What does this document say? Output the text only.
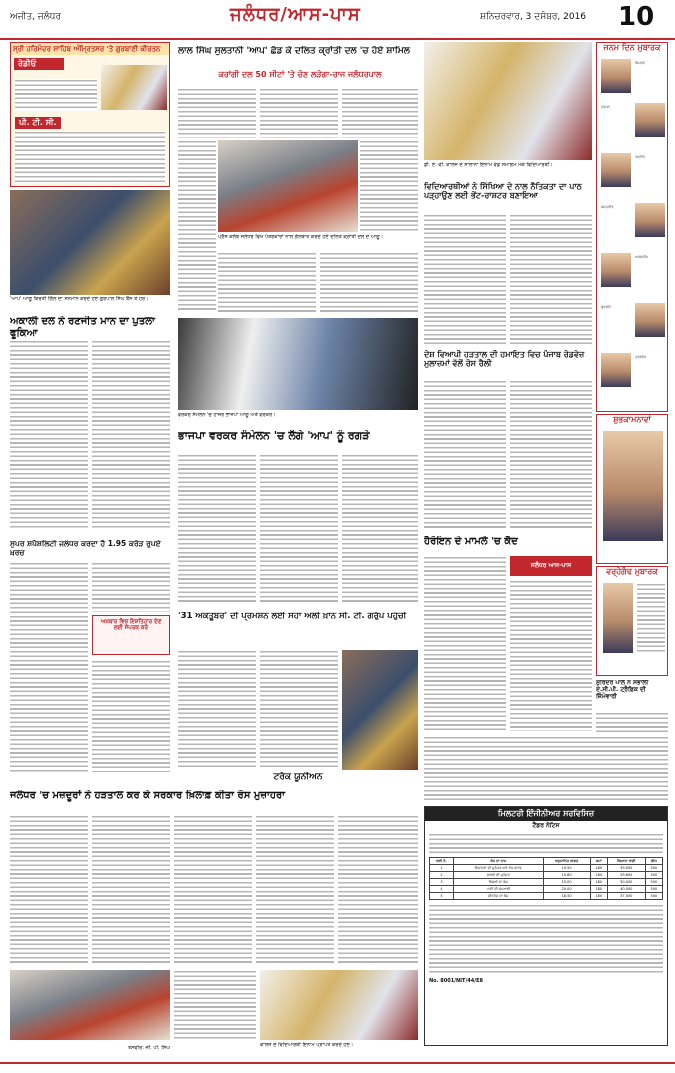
ਅਜੀਤ, ਜਲੰਧਰ	ਜਲੰਧਰ/ਆਸ-ਪਾਸ	ਸ਼ਨਿਚਰਵਾਰ, 3 ਦਸੰਬਰ, 2016 10
ਸ੍ਰੀ ਹਰਿਮੰਦਰ ਸਾਹਿਬ ਅੰਮ੍ਰਿਤਸਰ 'ਤੇ ਗੁਰਬਾਣੀ ਕੀਰਤਨ
ਰੇਡੀਓ
ਪੀ. ਟੀ. ਸੀ.
'ਆਪ' ਆਗੂ ਕਿਰਤੀ ਗਿੱਲ ਦਾ ਸਨਮਾਨ ਕਰਦੇ ਹੋਏ ਗੁਰਪਾਲ ਸਿੰਘ ਬੈਂਸ ਤੇ ਹੋਰ।
ਅਕਾਲੀ ਦਲ ਨੇ ਰਣਜੀਤ ਮਾਨ ਦਾ ਪੁਤਲਾ ਫੂਕਿਆ
ਸੁਪਰ ਸ਼ਪੈਸ਼ਲਿਟੀ ਜਲੰਧਰ ਕਰਦਾ ਹੈ 1.95 ਕਰੋੜ ਰੁਪਏ ਖ਼ਰਚ
ਅਖ਼ਬਾਰ ਵਿਚ ਇਸ਼ਤਿਹਾਰ ਦੇਣ ਲਈ ਸੰਪਰਕ ਕਰੋ
ਲਾਲ ਸਿੰਘ ਸੁਲਤਾਨੀ 'ਆਪ' ਛੱਡ ਕੇ ਦਲਿਤ ਕ੍ਰਾਂਤੀ ਦਲ 'ਚ ਹੋਏ ਸ਼ਾਮਿਲ
ਕਰਾਂਗੀ ਦਲ 50 ਸੀਟਾਂ 'ਤੇ ਚੋਣ ਲੜੇਗਾ-ਰਾਜ ਜਲੰਧਰਪਾਲ
ਪ੍ਰੈੱਸ ਕਲੱਬ ਜਲੰਧਰ ਵਿਖੇ ਪੱਤਰਕਾਰਾਂ ਨਾਲ ਗੱਲਬਾਤ ਕਰਦੇ ਹੋਏ ਦਲਿਤ ਕ੍ਰਾਂਤੀ ਦਲ ਦੇ ਆਗੂ।
ਵਰਕਰ ਸੰਮੇਲਨ 'ਚ ਹਾਜ਼ਰ ਭਾਜਪਾ ਆਗੂ ਅਤੇ ਵਰਕਰ।
ਭਾਜਪਾ ਵਰਕਰ ਸੰਮੇਲਨ 'ਚ ਲੱਗੇ 'ਆਪ' ਨੂੰ ਰਗੜੇ
'31 ਅਕਤੂਬਰ' ਦੀ ਪ੍ਰਮੋਸ਼ਨ ਲਈ ਸੋਹਾ ਅਲੀ ਖ਼ਾਨ ਸੀ. ਟੀ. ਗਰੁੱਪ ਪਹੁੰਚੀ
ਟਰੱਕ ਯੂਨੀਅਨ
ਜਲੰਧਰ 'ਚ ਮਜ਼ਦੂਰਾਂ ਨੇ ਹੜਤਾਲ ਕਰ ਕੇ ਸਰਕਾਰ ਖ਼ਿਲਾਫ਼ ਕੀਤਾ ਰੋਸ ਮੁਜ਼ਾਹਰਾ
ਕਾਲਜ ਦੇ ਵਿਦਿਆਰਥੀ ਇਨਾਮ ਪ੍ਰਾਪਤ ਕਰਦੇ ਹੋਏ।
ਤਸਵੀਰ: ਜੀ. ਪੀ. ਸਿੰਘ
ਡੀ. ਏ. ਵੀ. ਕਾਲਜ ਦੇ ਸਾਲਾਨਾ ਇਨਾਮ ਵੰਡ ਸਮਾਗਮ ਮੌਕੇ ਵਿਦਿਆਰਥੀ।
ਵਿਦਿਆਰਥੀਆਂ ਨੇ ਸਿੱਖਿਆ ਦੇ ਨਾਲ ਨੈਤਿਕਤਾ ਦਾ ਪਾਠ ਪੜ੍ਹਾਉਣ ਲਈ ਭੇਂਟ-ਰਾਸ਼ਟਰ ਬਣਾਇਆ
ਦੇਸ਼ ਵਿਆਪੀ ਹੜਤਾਲ ਦੀ ਹਮਾਇਤ ਵਿਚ ਪੰਜਾਬ ਰੋਡਵੇਜ਼ ਮੁਲਾਜ਼ਮਾਂ ਵੱਲੋਂ ਰੋਸ ਰੈਲੀ
ਹੈਰੋਇਨ ਦੇ ਮਾਮਲੇ 'ਚ ਕੈਦ
ਜਲੰਧਰ ਆਸ-ਪਾਸ
ਜਨਮ ਦਿਨ ਮੁਬਾਰਕ
ਸਿਮਰਨ
ਹਰਮਨ
ਨਵਨੀਤ
ਜਸਪ੍ਰੀਤ
ਅਰਸ਼ਦੀਪ
ਗੁਰਲੀਨ
ਪ੍ਰਭਜੋਤ
ਸ਼ੁਭਕਾਮਨਾਵਾਂ
ਵਰ੍ਹੇਗੰਢ ਮੁਬਾਰਕ
ਸੁਰਿੰਦਰ ਪਾਲ ਨੇ ਸੰਭਾਲੀ ਏ.ਸੀ.ਪੀ. ਟ੍ਰੈਫ਼ਿਕ ਦੀ ਜ਼ਿੰਮੇਵਾਰੀ
ਮਿਲਟਰੀ ਇੰਜੀਨੀਅਰ ਸਰਵਿਸਿਜ਼
ਟੈਂਡਰ ਨੋਟਿਸ
ਲੜੀ ਨੰ.	ਕੰਮ ਦਾ ਨਾਮ	ਅਨੁਮਾਨਿਤ ਲਾਗਤ	ਸਮਾਂ	ਬਿਆਨਾ ਰਾਸ਼ੀ	ਫੀਸ
1	ਇਮਾਰਤਾਂ ਦੀ ਮੁਰੰਮਤ ਅਤੇ ਰੱਖ-ਰਖਾਵ	19.50	180	39,000	500
2	ਸੜਕਾਂ ਦੀ ਮੁਰੰਮਤ	19.80	180	39,600	500
3	ਬਿਜਲੀ ਦਾ ਕੰਮ	15.00	180	30,000	500
4	ਪਾਣੀ ਦੀ ਸਪਲਾਈ	20.00	180	40,000	500
5	ਸੀਵਰੇਜ ਦਾ ਕੰਮ	18.50	180	37,000	500
No. 8001/NIT/44/E8
